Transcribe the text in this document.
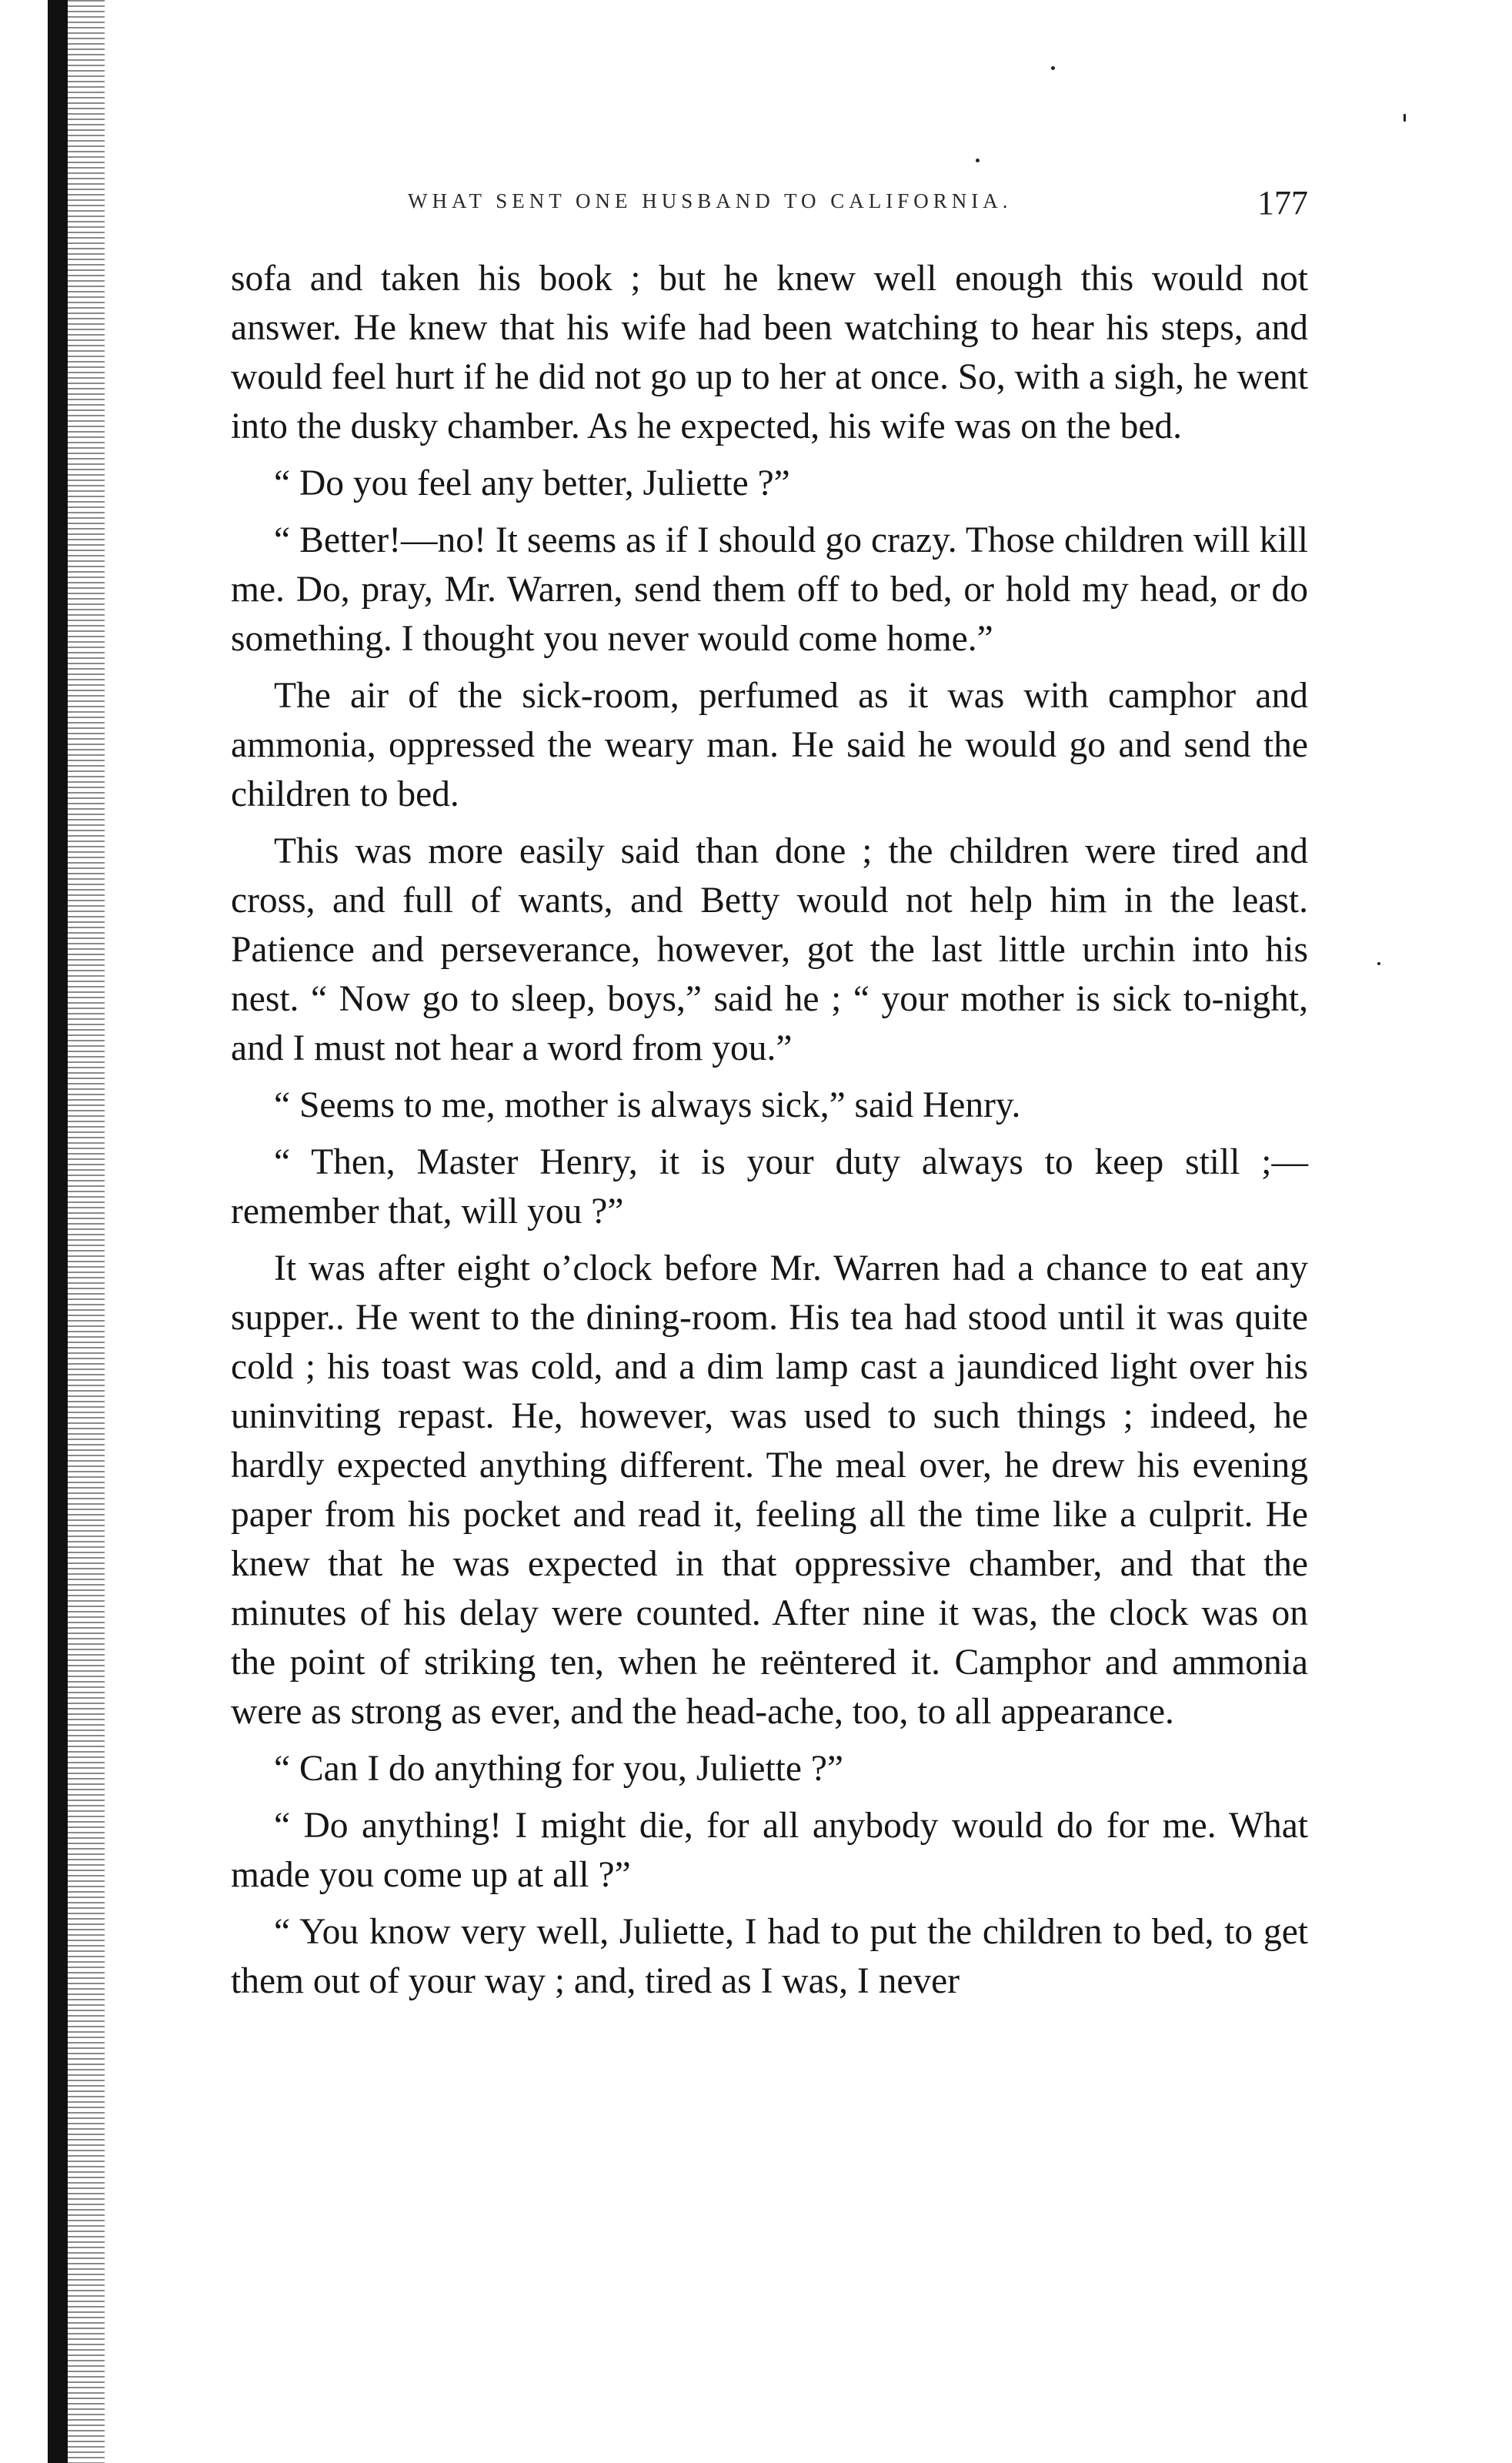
WHAT SENT ONE HUSBAND TO CALIFORNIA.	177

sofa and taken his book ; but he knew well enough this would not answer. He knew that his wife had been watching to hear his steps, and would feel hurt if he did not go up to her at once. So, with a sigh, he went into the dusky chamber. As he expected, his wife was on the bed.

“ Do you feel any better, Juliette ?”

“ Better!—no! It seems as if I should go crazy. Those children will kill me. Do, pray, Mr. Warren, send them off to bed, or hold my head, or do something. I thought you never would come home.”

The air of the sick-room, perfumed as it was with camphor and ammonia, oppressed the weary man. He said he would go and send the children to bed.

This was more easily said than done ; the children were tired and cross, and full of wants, and Betty would not help him in the least. Patience and perseverance, however, got the last little urchin into his nest. “ Now go to sleep, boys,” said he ; “ your mother is sick to-night, and I must not hear a word from you.”

“ Seems to me, mother is always sick,” said Henry.

“ Then, Master Henry, it is your duty always to keep still ;— remember that, will you ?”

It was after eight o’clock before Mr. Warren had a chance to eat any supper.. He went to the dining-room. His tea had stood until it was quite cold ; his toast was cold, and a dim lamp cast a jaundiced light over his uninviting repast. He, however, was used to such things ; indeed, he hardly expected anything different. The meal over, he drew his evening paper from his pocket and read it, feeling all the time like a culprit. He knew that he was expected in that oppressive chamber, and that the minutes of his delay were counted. After nine it was, the clock was on the point of striking ten, when he reëntered it. Camphor and ammonia were as strong as ever, and the head-ache, too, to all appearance.

“ Can I do anything for you, Juliette ?”

“ Do anything! I might die, for all anybody would do for me. What made you come up at all ?”

“ You know very well, Juliette, I had to put the children to bed, to get them out of your way ; and, tired as I was, I never
